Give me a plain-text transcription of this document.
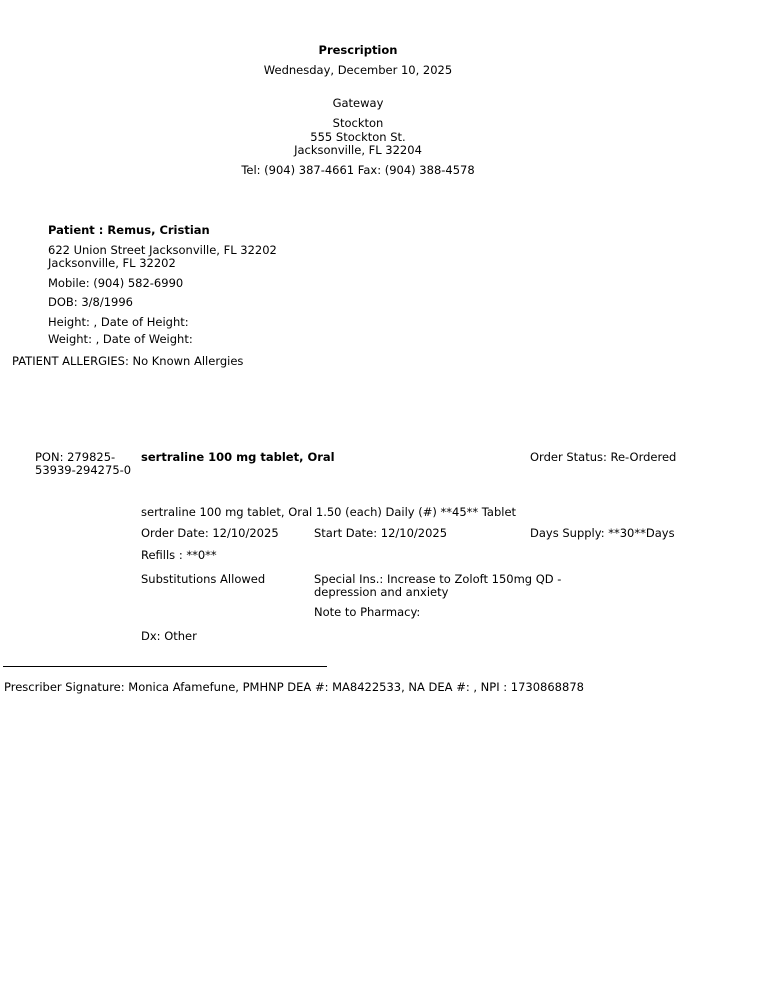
Prescription
Wednesday, December 10, 2025
Gateway
Stockton
555 Stockton St.
Jacksonville, FL 32204
Tel: (904) 387-4661 Fax: (904) 388-4578
Patient : Remus, Cristian
622 Union Street Jacksonville, FL 32202
Jacksonville, FL 32202
Mobile: (904) 582-6990
DOB: 3/8/1996
Height: , Date of Height:
Weight: , Date of Weight:
PATIENT ALLERGIES: No Known Allergies
PON: 279825-
53939-294275-0
sertraline 100 mg tablet, Oral	Order Status: Re-Ordered
sertraline 100 mg tablet, Oral 1.50 (each) Daily (#) **45** Tablet
Order Date: 12/10/2025	Start Date: 12/10/2025	Days Supply: **30**Days
Refills : **0**
Substitutions Allowed	Special Ins.: Increase to Zoloft 150mg QD - depression and anxiety
Note to Pharmacy:
Dx: Other
Prescriber Signature: Monica Afamefune, PMHNP DEA #: MA8422533, NA DEA #: , NPI : 1730868878
